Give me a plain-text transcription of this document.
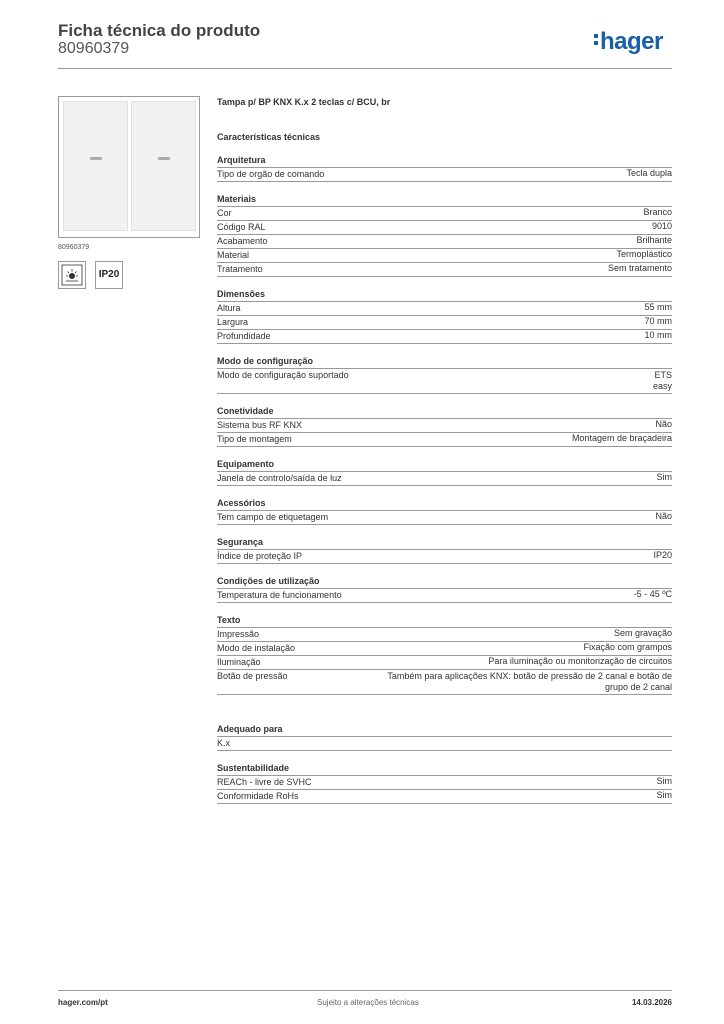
Ficha técnica do produto
80960379	hager
80960379
IP20
Tampa p/ BP KNX K.x 2 teclas c/ BCU, br
Características técnicas
Arquitetura
Tipo de orgão de comando	Tecla dupla
Materiais
Cor	Branco
Código RAL	9010
Acabamento	Brilhante
Material	Termoplástico
Tratamento	Sem tratamento
Dimensões
Altura	55 mm
Largura	70 mm
Profundidade	10 mm
Modo de configuração
Modo de configuração suportado	ETS
easy
Conetividade
Sistema bus RF KNX	Não
Tipo de montagem	Montagem de braçadeira
Equipamento
Janela de controlo/saída de luz	Sim
Acessórios
Tem campo de etiquetagem	Não
Segurança
Índice de proteção IP	IP20
Condições de utilização
Temperatura de funcionamento	-5 - 45 ºC
Texto
Impressão	Sem gravação
Modo de instalação	Fixação com grampos
Iluminação	Para iluminação ou monitorização de circuitos
Botão de pressão	Também para aplicações KNX: botão de pressão de 2 canal e botão de
grupo de 2 canal
Adequado para
K.x
Sustentabilidade
REACh - livre de SVHC	Sim
Conformidade RoHs	Sim
hager.com/pt	Sujeito a alterações técnicas	14.03.2026
